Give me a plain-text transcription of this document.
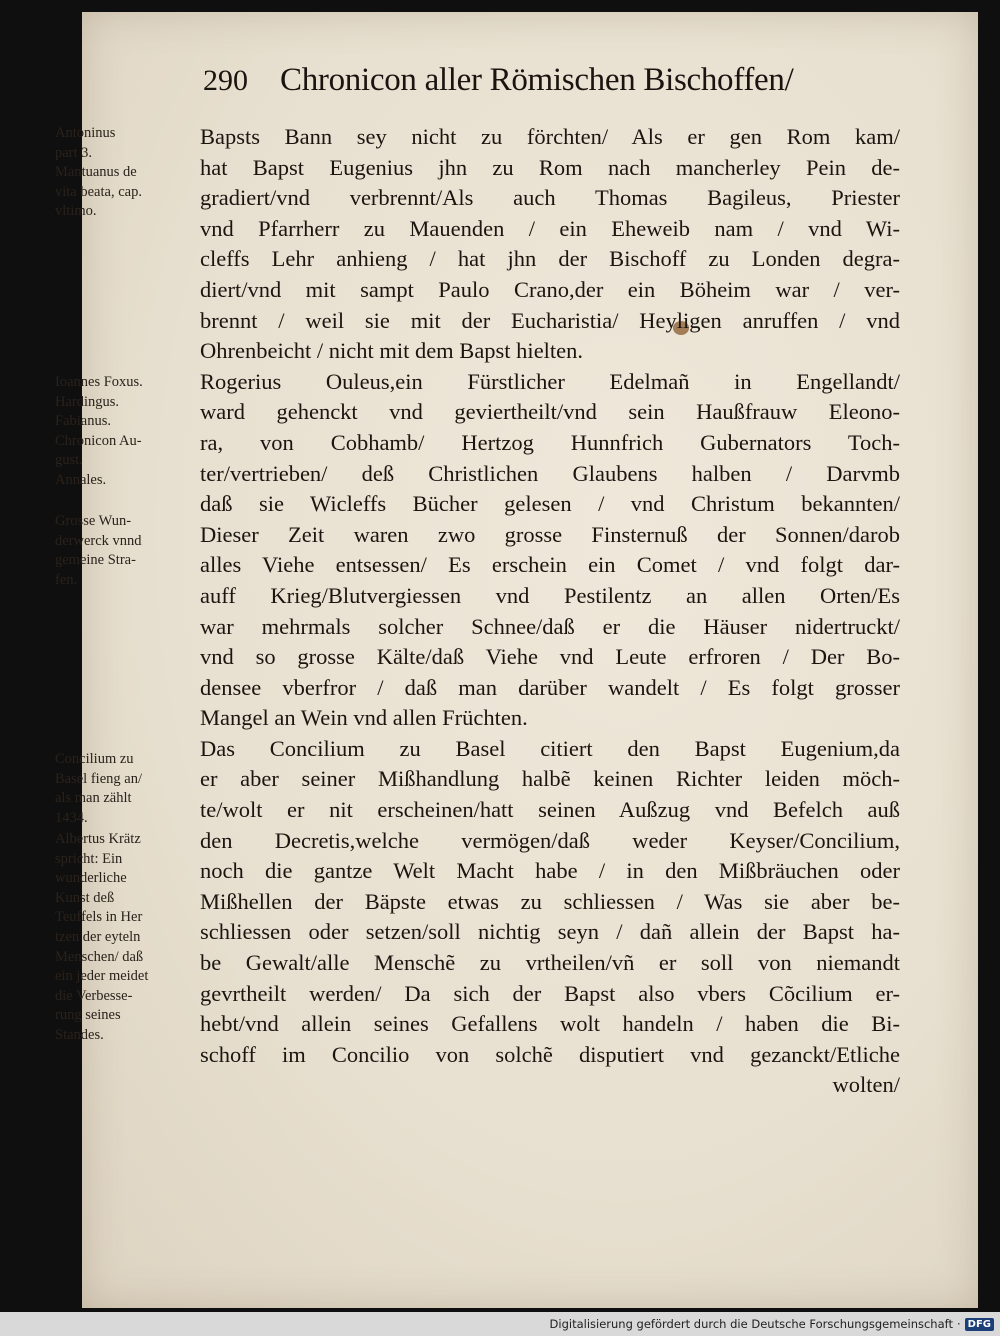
290 Chronicon aller Römischen Bischoffen/
Bapsts Bann sey nicht zu förchten/ Als er gen Rom kam/
hat Bapst Eugenius jhn zu Rom nach mancherley Pein de-
gradiert/vnd verbrennt/Als auch Thomas Bagileus, Priester
vnd Pfarrherr zu Mauenden / ein Eheweib nam / vnd Wi-
cleffs Lehr anhieng / hat jhn der Bischoff zu Londen degra-
diert/vnd mit sampt Paulo Crano,der ein Böheim war / ver-
brennt / weil sie mit der Eucharistia/ Heyligen anruffen / vnd
Ohrenbeicht / nicht mit dem Bapst hielten.
Rogerius Ouleus,ein Fürstlicher Edelmañ in Engellandt/
ward gehenckt vnd geviertheilt/vnd sein Haußfrauw Eleono-
ra, von Cobhamb/ Hertzog Hunnfrich Gubernators Toch-
ter/vertrieben/ deß Christlichen Glaubens halben / Darvmb
daß sie Wicleffs Bücher gelesen / vnd Christum bekannten/
Dieser Zeit waren zwo grosse Finsternuß der Sonnen/darob
alles Viehe entsessen/ Es erschein ein Comet / vnd folgt dar-
auff Krieg/Blutvergiessen vnd Pestilentz an allen Orten/Es
war mehrmals solcher Schnee/daß er die Häuser nidertruckt/
vnd so grosse Kälte/daß Viehe vnd Leute erfroren / Der Bo-
densee vberfror / daß man darüber wandelt / Es folgt grosser
Mangel an Wein vnd allen Früchten.
Das Concilium zu Basel citiert den Bapst Eugenium,da
er aber seiner Mißhandlung halbẽ keinen Richter leiden möch-
te/wolt er nit erscheinen/hatt seinen Außzug vnd Befelch auß
den Decretis,welche vermögen/daß weder Keyser/Concilium,
noch die gantze Welt Macht habe / in den Mißbräuchen oder
Mißhellen der Bäpste etwas zu schliessen / Was sie aber be-
schliessen oder setzen/soll nichtig seyn / dañ allein der Bapst ha-
be Gewalt/alle Menschẽ zu vrtheilen/vñ er soll von niemandt
gevrtheilt werden/ Da sich der Bapst also vbers Cõcilium er-
hebt/vnd allein seines Gefallens wolt handeln / haben die Bi-
schoff im Concilio von solchẽ disputiert vnd gezanckt/Etliche
wolten/
Antoninus
part 3.
Mantuanus de
vita beata, cap.
vltimo.
Ioannes Foxus.
Hardingus.
Fabianus.
Chronicon Au-
gust.
Annales.
Grosse Wun-
derwerck vnnd
gemeine Stra-
fen.
Concilium zu
Basel fieng an/
als man zählt
1434.
Albertus Krätz
spricht: Ein
wunderliche
Kunst deß
Teuffels in Her
tzen der eyteln
Menschen/ daß
ein jeder meidet
die Verbesse-
rung seines
Standes.
Digitalisierung gefördert durch die Deutsche Forschungsgemeinschaft · DFG
